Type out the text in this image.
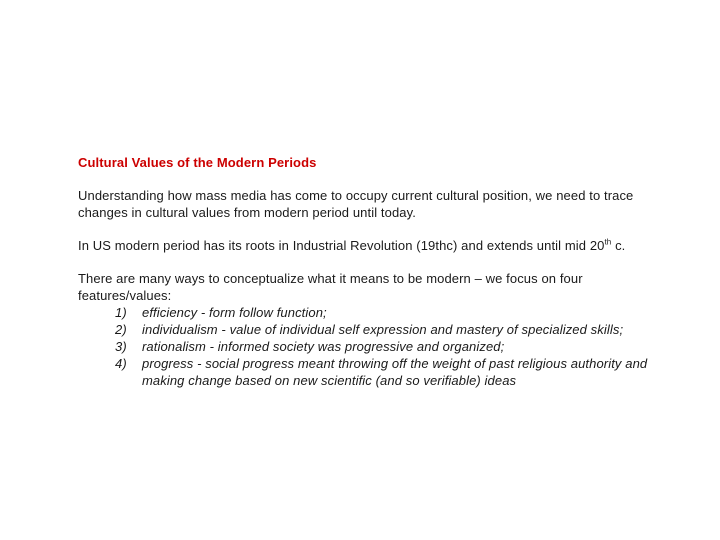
Cultural Values of the Modern Periods
Understanding how mass media has come to occupy current cultural position, we need to trace changes in cultural values from modern period until today.
In US modern period has its roots in Industrial Revolution (19thc) and extends until mid 20th c.
There are many ways to conceptualize what it means to be modern – we focus on four features/values:
1) efficiency - form follow function;
2) individualism - value of individual self expression and mastery of specialized skills;
3) rationalism - informed society was progressive and organized;
4) progress - social progress meant throwing off the weight of past religious authority and making change based on new scientific (and so verifiable) ideas
